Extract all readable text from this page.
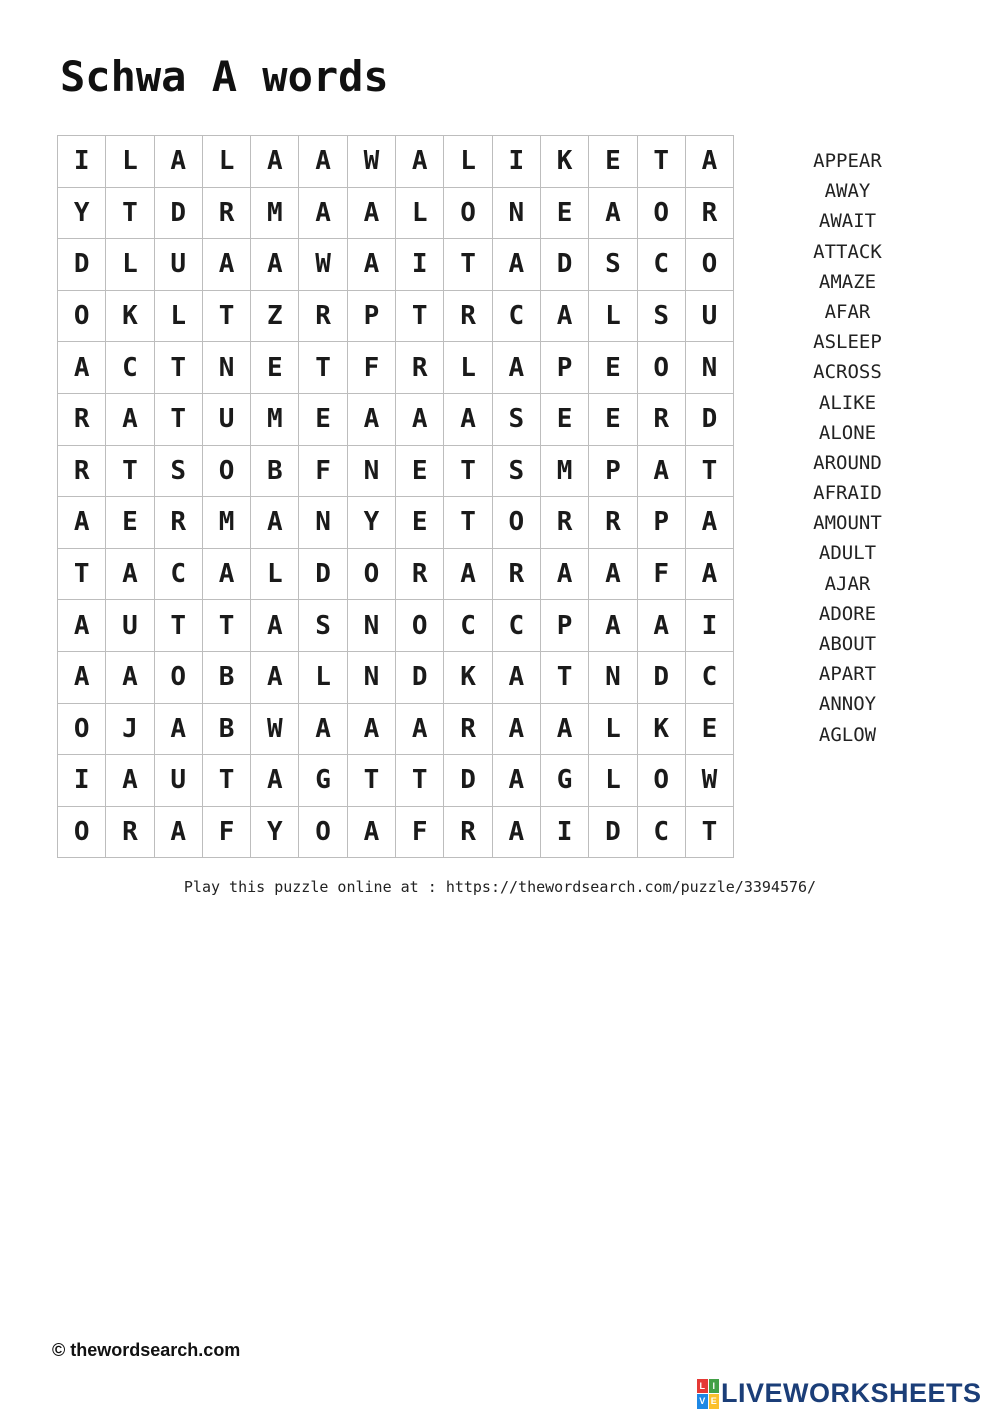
Schwa A words
I	L	A	L	A	A	W	A	L	I	K	E	T	A
Y	T	D	R	M	A	A	L	O	N	E	A	O	R
D	L	U	A	A	W	A	I	T	A	D	S	C	O
O	K	L	T	Z	R	P	T	R	C	A	L	S	U
A	C	T	N	E	T	F	R	L	A	P	E	O	N
R	A	T	U	M	E	A	A	A	S	E	E	R	D
R	T	S	O	B	F	N	E	T	S	M	P	A	T
A	E	R	M	A	N	Y	E	T	O	R	R	P	A
T	A	C	A	L	D	O	R	A	R	A	A	F	A
A	U	T	T	A	S	N	O	C	C	P	A	A	I
A	A	O	B	A	L	N	D	K	A	T	N	D	C
O	J	A	B	W	A	A	A	R	A	A	L	K	E
I	A	U	T	A	G	T	T	D	A	G	L	O	W
O	R	A	F	Y	O	A	F	R	A	I	D	C	T
APPEAR
AWAY
AWAIT
ATTACK
AMAZE
AFAR
ASLEEP
ACROSS
ALIKE
ALONE
AROUND
AFRAID
AMOUNT
ADULT
AJAR
ADORE
ABOUT
APART
ANNOY
AGLOW
Play this puzzle online at : https://thewordsearch.com/puzzle/3394576/
© thewordsearch.com
L I
V E LIVEWORKSHEETS
